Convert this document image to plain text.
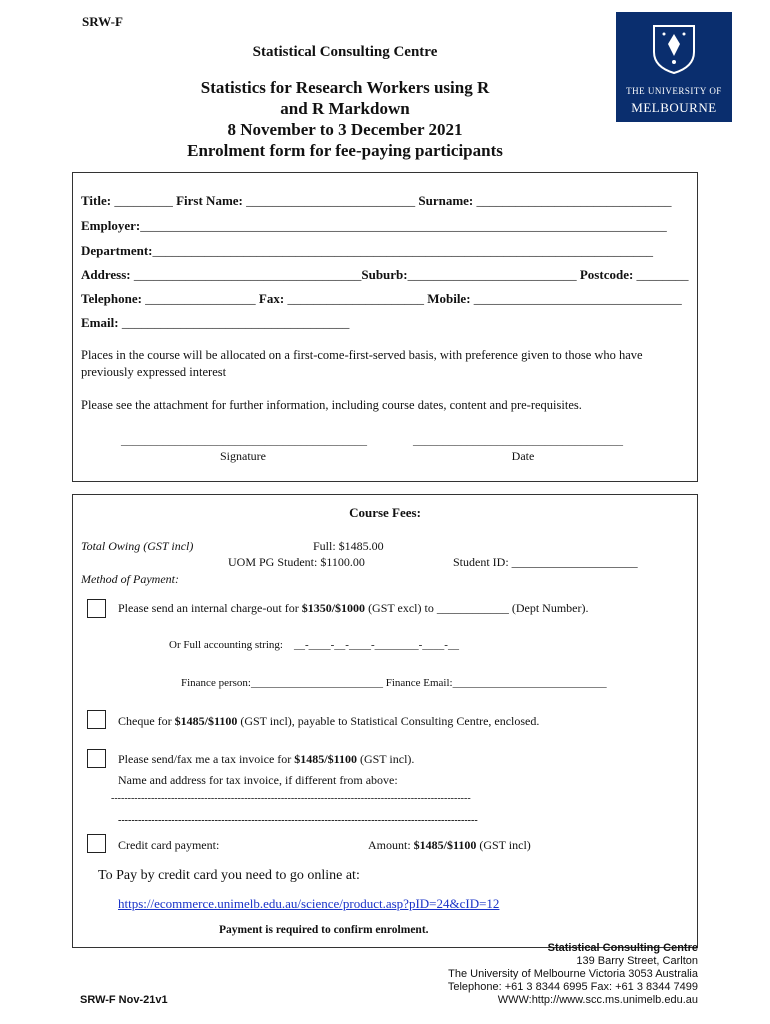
SRW-F
Statistical Consulting Centre
Statistics for Research Workers using R
and R Markdown
8 November to 3 December 2021
Enrolment form for fee-paying participants
THE UNIVERSITY OF
MELBOURNE
Title: _________ First Name: __________________________ Surname: ______________________________
Employer:_________________________________________________________________________________
Department:_____________________________________________________________________________
Address: ___________________________________Suburb:__________________________ Postcode: ________
Telephone: _________________ Fax: _____________________ Mobile: ________________________________
Email: ___________________________________
Places in the course will be allocated on a first-come-first-served basis, with preference given to those who have previously expressed interest
Please see the attachment for further information, including course dates, content and pre-requisites.
_________________________________________	___________________________________
Signature	Date
Course Fees:
Total Owing (GST incl)	Full: $1485.00
UOM PG Student: $1100.00	Student ID: _____________________
Method of Payment:
Please send an internal charge-out for $1350/$1000 (GST excl) to ____________ (Dept Number).
Or Full accounting string: __-____-__-____-________-____-__
Finance person:________________________ Finance Email:____________________________
Cheque for $1485/$1100 (GST incl), payable to Statistical Consulting Centre, enclosed.
Please send/fax me a tax invoice for $1485/$1100 (GST incl).
Name and address for tax invoice, if different from above:
------------------------------------------------------------------------------------------------------------
------------------------------------------------------------------------------------------------------------
Credit card payment:	Amount: $1485/$1100 (GST incl)
To Pay by credit card you need to go online at:
https://ecommerce.unimelb.edu.au/science/product.asp?pID=24&cID=12
Payment is required to confirm enrolment.
SRW-F Nov-21v1
Statistical Consulting Centre
139 Barry Street, Carlton
The University of Melbourne Victoria 3053 Australia
Telephone: +61 3 8344 6995 Fax: +61 3 8344 7499
WWW:http://www.scc.ms.unimelb.edu.au
